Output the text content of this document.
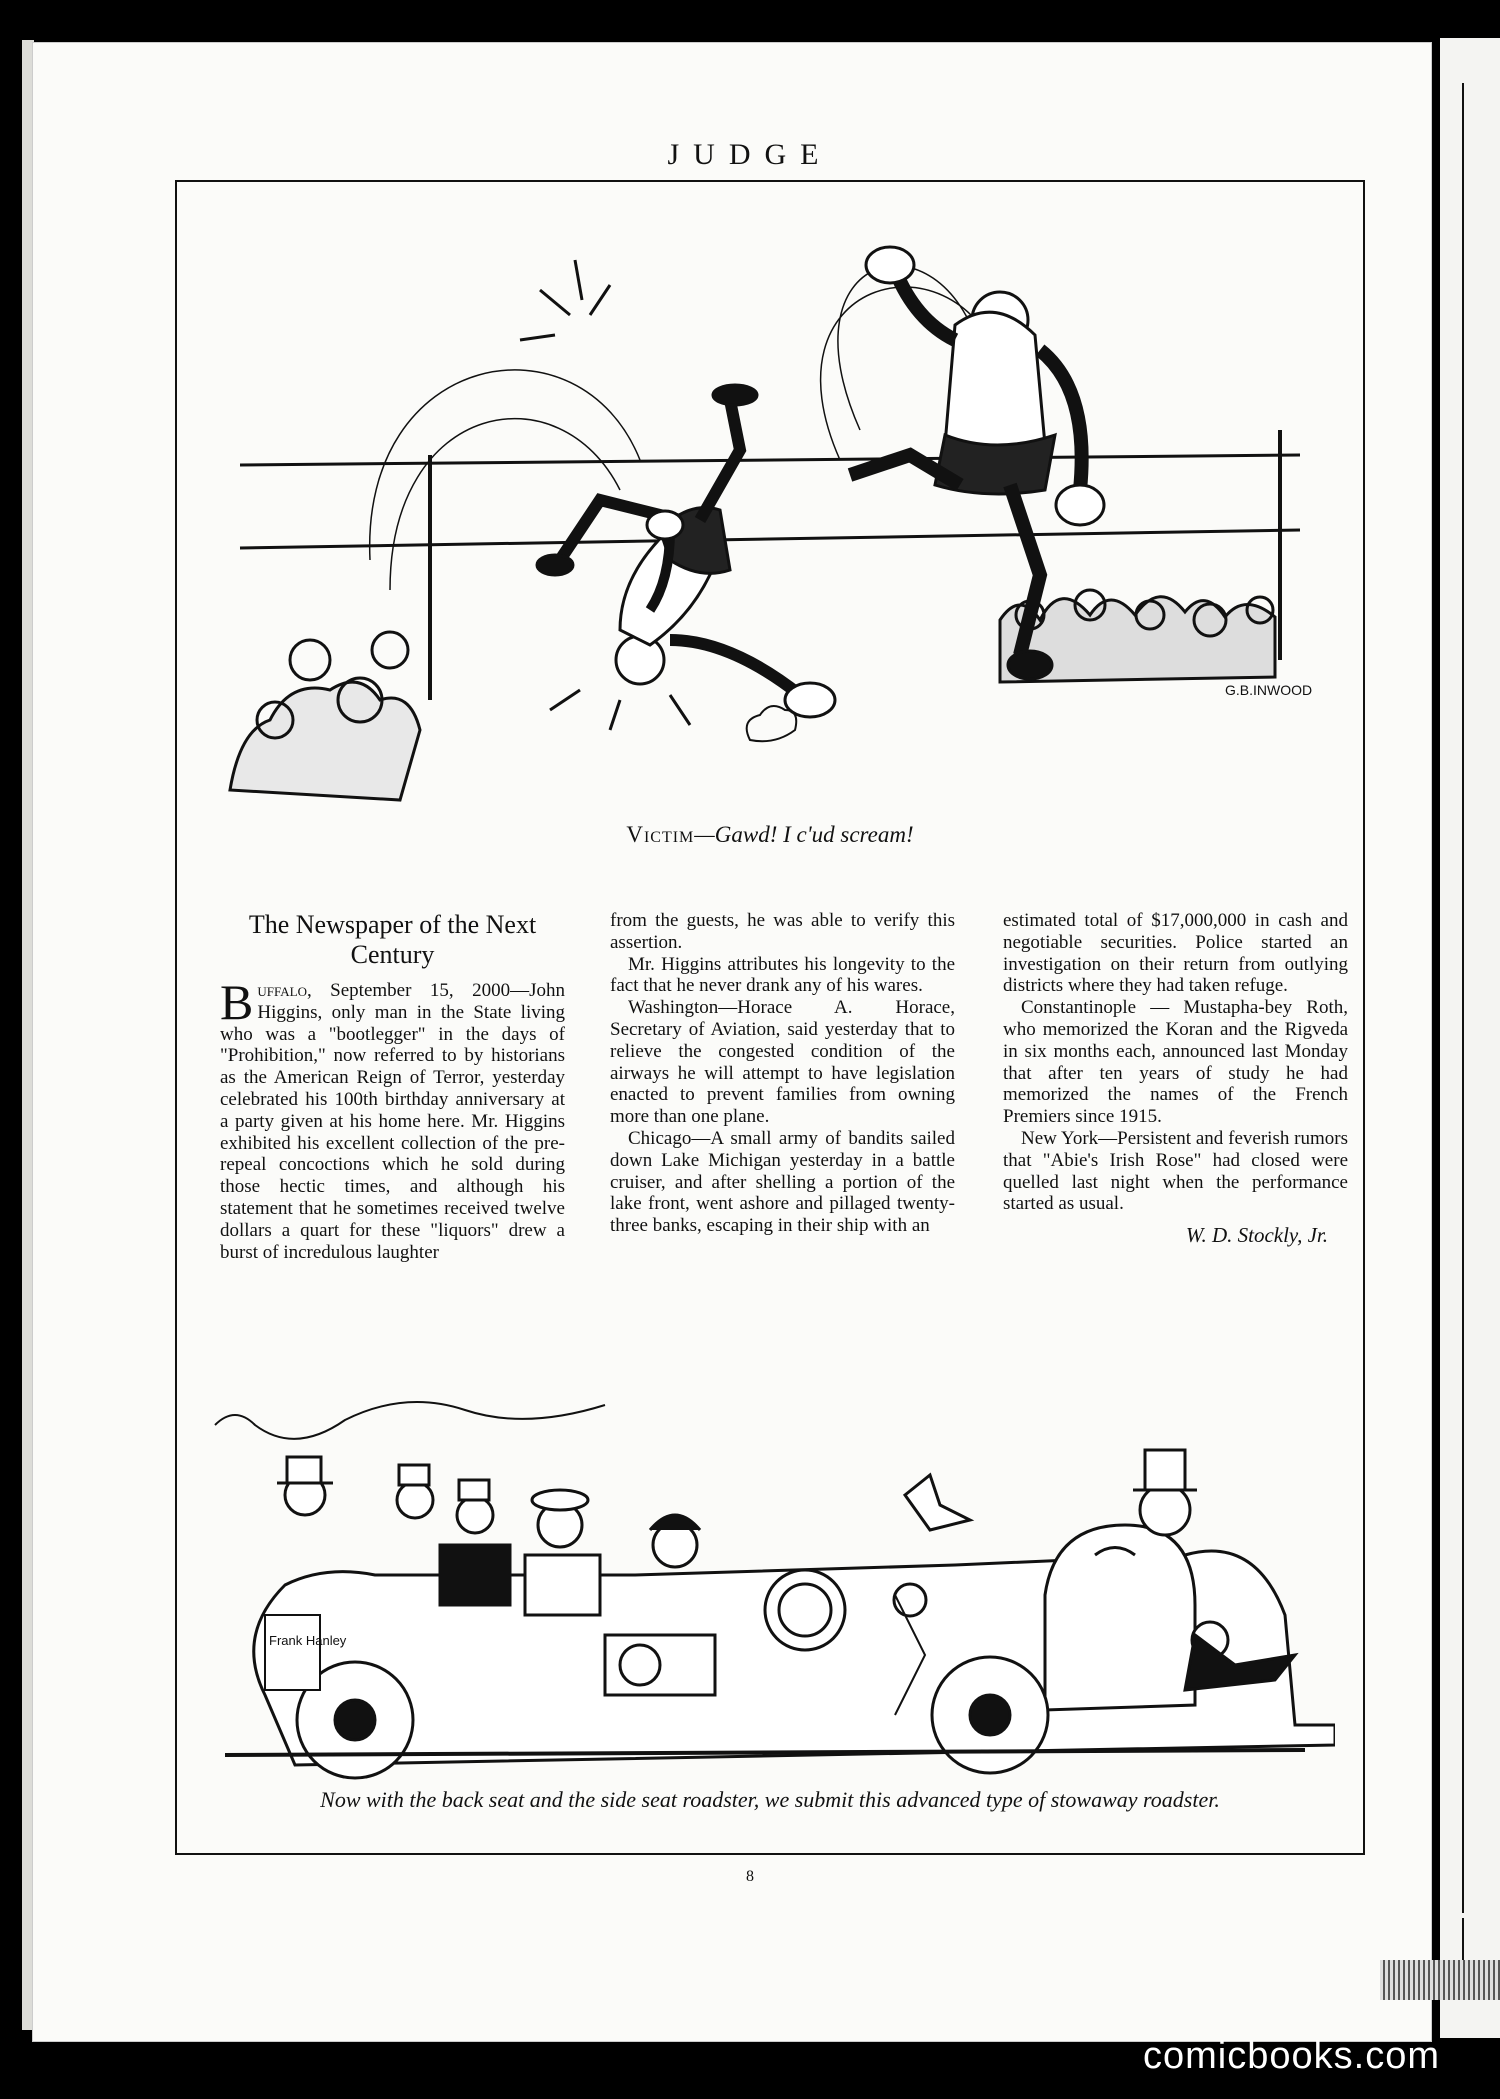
JUDGE
G.B.INWOOD
Victim—Gawd! I c'ud scream!
The Newspaper of the Next Century

Buffalo, September 15, 2000—John Higgins, only man in the State living who was a "bootlegger" in the days of "Prohibition," now referred to by historians as the American Reign of Terror, yesterday celebrated his 100th birthday anniversary at a party given at his home here. Mr. Higgins exhibited his excellent collection of the pre-repeal concoctions which he sold during those hectic times, and although his statement that he sometimes received twelve dollars a quart for these "liquors" drew a burst of incredulous laughter

from the guests, he was able to verify this assertion.

Mr. Higgins attributes his longevity to the fact that he never drank any of his wares.

Washington—Horace A. Horace, Secretary of Aviation, said yesterday that to relieve the congested condition of the airways he will attempt to have legislation enacted to prevent families from owning more than one plane.

Chicago—A small army of bandits sailed down Lake Michigan yesterday in a battle cruiser, and after shelling a portion of the lake front, went ashore and pillaged twenty-three banks, escaping in their ship with an

estimated total of $17,000,000 in cash and negotiable securities. Police started an investigation on their return from outlying districts where they had taken refuge.

Constantinople — Mustapha-bey Roth, who memorized the Koran and the Rigveda in six months each, announced last Monday that after ten years of study he had memorized the names of the French Premiers since 1915.

New York—Persistent and feverish rumors that "Abie's Irish Rose" had closed were quelled last night when the performance started as usual.

W. D. Stockly, Jr.
Frank Hanley
Now with the back seat and the side seat roadster, we submit this advanced type of stowaway roadster.
8
comicbooks.com
